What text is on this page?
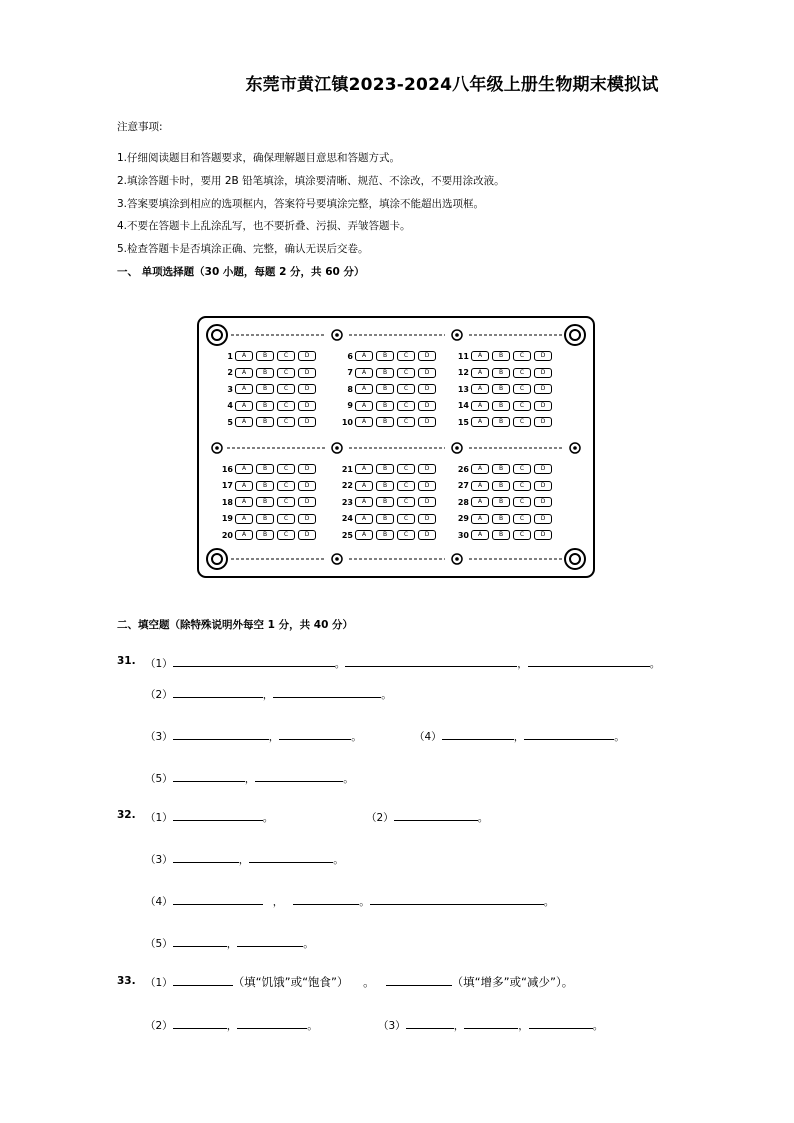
东莞市黄江镇2023-2024八年级上册生物期末模拟试
注意事项:
1.仔细阅读题目和答题要求，确保理解题目意思和答题方式。
2.填涂答题卡时，要用 2B 铅笔填涂，填涂要清晰、规范、不涂改，不要用涂改液。
3.答案要填涂到相应的选项框内，答案符号要填涂完整，填涂不能超出选项框。
4.不要在答题卡上乱涂乱写，也不要折叠、污损、弄皱答题卡。
5.检查答题卡是否填涂正确、完整，确认无误后交卷。
一、 单项选择题（30 小题，每题 2 分，共 60 分）
1	A	B	C	D
2	A	B	C	D
3	A	B	C	D
4	A	B	C	D
5	A	B	C	D
6	A	B	C	D
7	A	B	C	D
8	A	B	C	D
9	A	B	C	D
10	A	B	C	D
11	A	B	C	D
12	A	B	C	D
13	A	B	C	D
14	A	B	C	D
15	A	B	C	D
16	A	B	C	D
17	A	B	C	D
18	A	B	C	D
19	A	B	C	D
20	A	B	C	D
21	A	B	C	D
22	A	B	C	D
23	A	B	C	D
24	A	B	C	D
25	A	B	C	D
26	A	B	C	D
27	A	B	C	D
28	A	B	C	D
29	A	B	C	D
30	A	B	C	D
二、填空题（除特殊说明外每空 1 分，共 40 分）
31. （1）	。	，	。
（2）	，	。
（3）	，	。	（4）	，	。
（5）	，	。
32. （1）	。	（2）	。
（3）	，	。
（4）	，	。	。
（5）	，	。
33. （1）	（填“饥饿”或“饱食”） 。	（填“增多”或“减少”）。
（2）	，	。	（3）	，	，	。
